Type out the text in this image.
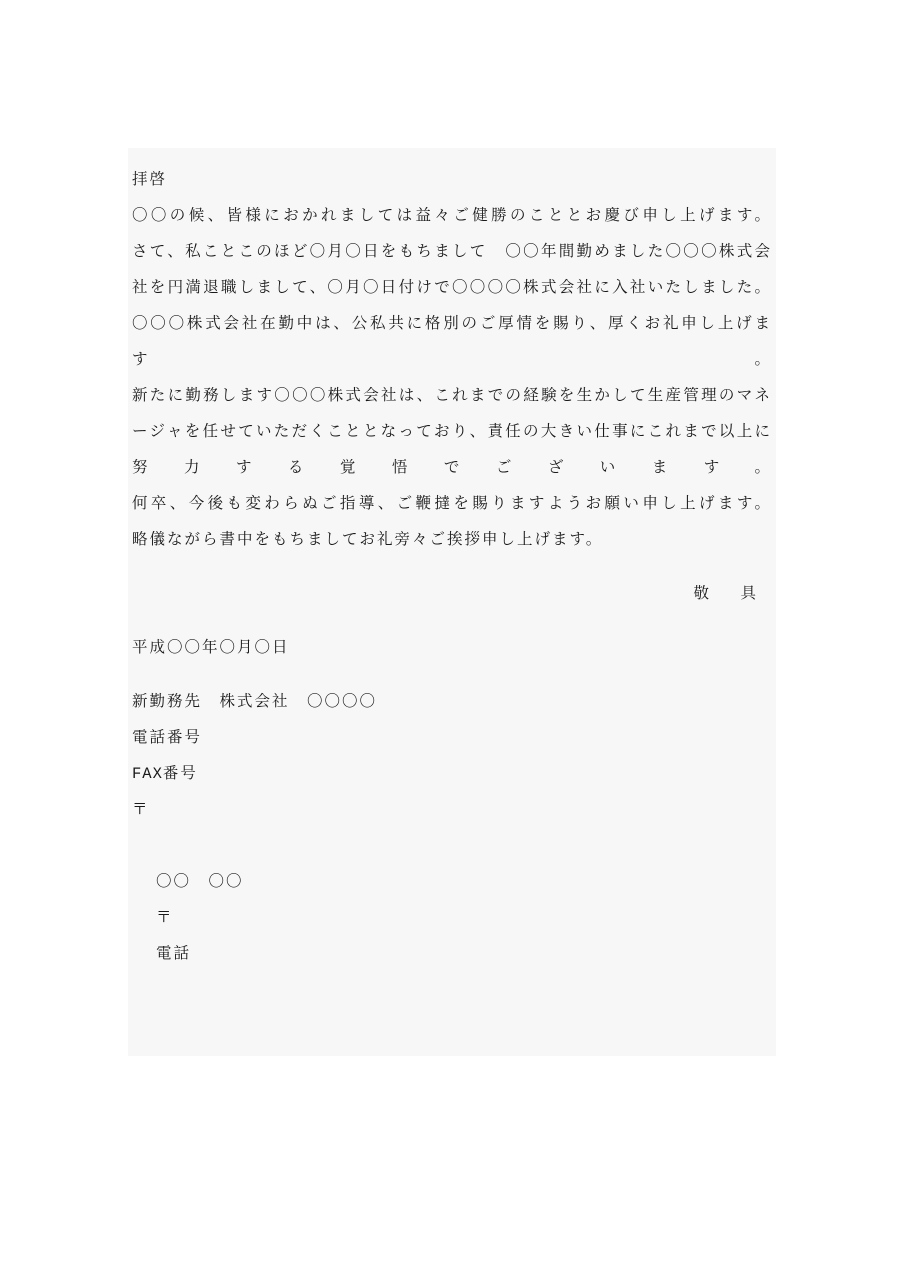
拝啓

〇〇の候、皆様におかれましては益々ご健勝のこととお慶び申し上げます。

さて、私ことこのほど〇月〇日をもちまして　〇〇年間勤めました〇〇〇株式会社を円満退職しまして、〇月〇日付けで〇〇〇〇株式会社に入社いたしました。

〇〇〇株式会社在勤中は、公私共に格別のご厚情を賜り、厚くお礼申し上げます。

新たに勤務します〇〇〇株式会社は、これまでの経験を生かして生産管理のマネージャを任せていただくこととなっており、責任の大きい仕事にこれまで以上に努力する覚悟でございます。

何卒、今後も変わらぬご指導、ご鞭撻を賜りますようお願い申し上げます。

略儀ながら書中をもちましてお礼旁々ご挨拶申し上げます。

敬　具

平成〇〇年〇月〇日

新勤務先　株式会社　〇〇〇〇

電話番号

FAX番号

〒

〇〇　〇〇

〒

電話
